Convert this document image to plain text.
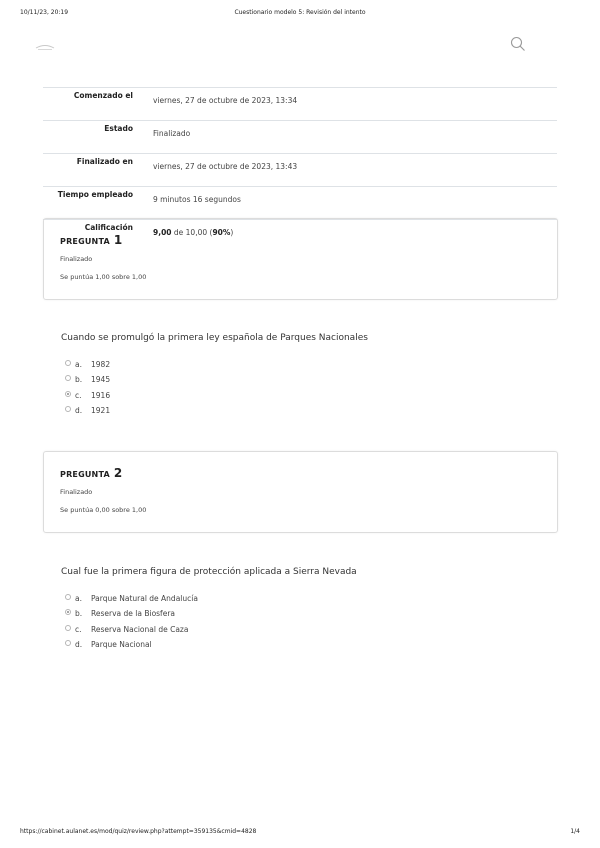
10/11/23, 20:19	Cuestionario modelo 5: Revisión del intento
Comenzado el	viernes, 27 de octubre de 2023, 13:34
Estado	Finalizado
Finalizado en	viernes, 27 de octubre de 2023, 13:43
Tiempo empleado	9 minutos 16 segundos
Calificación	9,00 de 10,00 (90%)
PREGUNTA 1
Finalizado
Se puntúa 1,00 sobre 1,00
Cuando se promulgó la primera ley española de Parques Nacionales
a. 1982
b. 1945
c. 1916
d. 1921
PREGUNTA 2
Finalizado
Se puntúa 0,00 sobre 1,00
Cual fue la primera figura de protección aplicada a Sierra Nevada
a. Parque Natural de Andalucía
b. Reserva de la Biosfera
c. Reserva Nacional de Caza
d. Parque Nacional
https://cabinet.aulanet.es/mod/quiz/review.php?attempt=359135&cmid=4828	1/4
